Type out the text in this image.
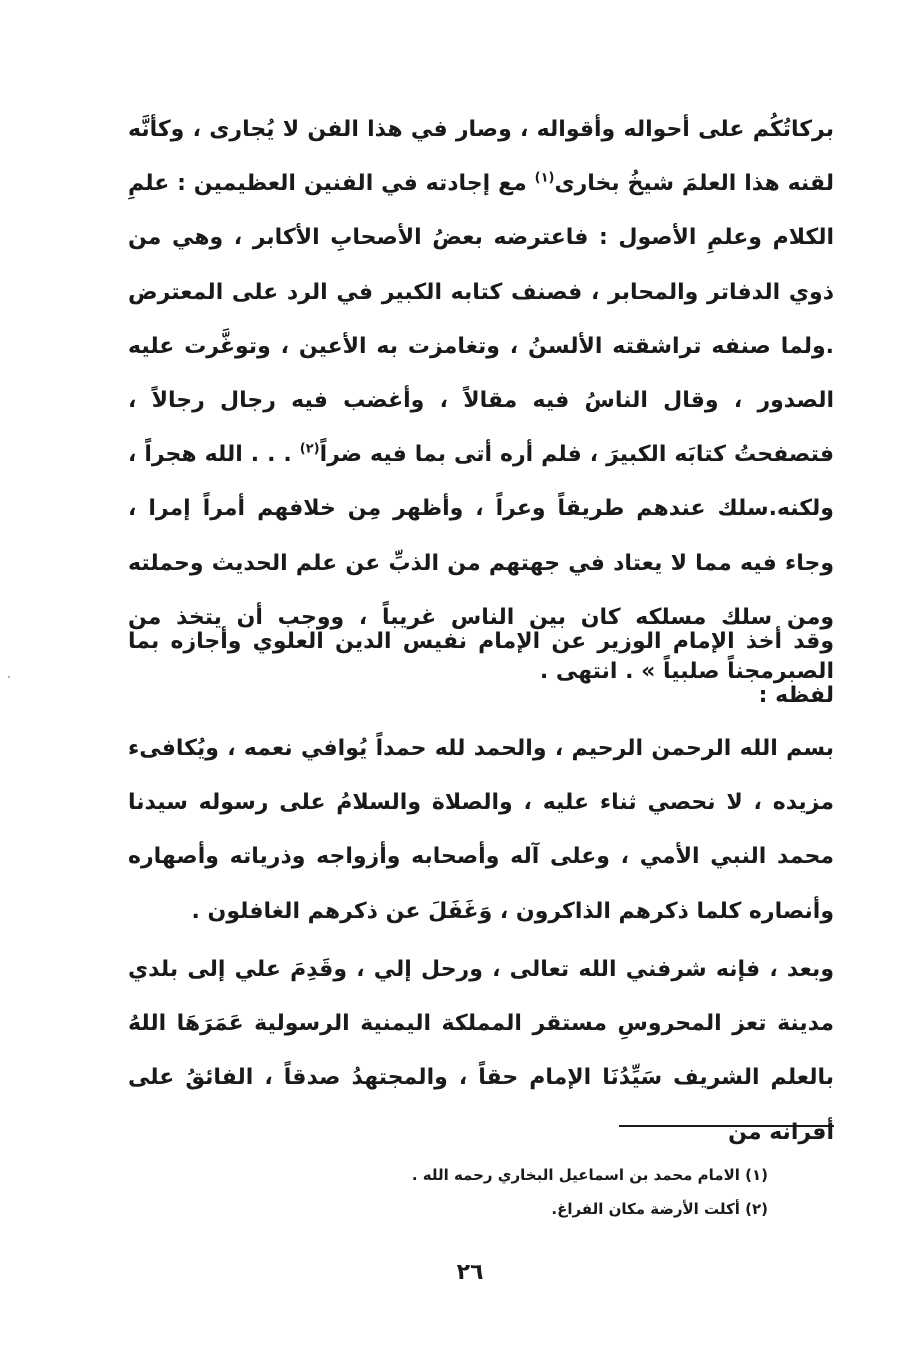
بركاتُكُم على أحواله وأقواله ، وصار في هذا الفن لا يُجارى ، وكأنَّه لقنه هذا العلمَ شيخُ بخارى$^{(١)}$ مع إجادته في الفنين العظيمين : علمِ الكلام وعلمِ الأصول : فاعترضه بعضُ الأصحابِ الأكابر ، وهي من ذوي الدفاتر والمحابر ، فصنف كتابه الكبير في الرد على المعترض .ولما صنفه تراشقته الألسنُ ، وتغامزت به الأعين ، وتوغَّرت عليه الصدور ، وقال الناسُ فيه مقالاً ، وأغضب فيه رجال رجالاً ، فتصفحتُ كتابَه الكبيرَ ، فلم أره أتى بما فيه ضراً$^{(٢)}$ . . . الله هجراً ، ولكنه.سلك عندهم طريقاً وعراً ، وأظهر مِن خلافهم أمراً إمرا ، وجاء فيه مما لا يعتاد في جهتهم من الذبِّ عن علم الحديث وحملته ومن سلك مسلكه كان بين الناس غريباً ، ووجب أن يتخذ من الصبرمجناً صلبياً » . انتهى .

وقد أخذ الإمام الوزير عن الإمام نفيس الدين العلوي وأجازه بما لفظه :

بسم الله الرحمن الرحيم ، والحمد لله حمداً يُوافي نعمه ، ويُكافىء مزيده ، لا نحصي ثناء عليه ، والصلاة والسلامُ على رسوله سيدنا محمد النبي الأمي ، وعلى آله وأصحابه وأزواجه وذرياته وأصهاره وأنصاره كلما ذكرهم الذاكرون ، وَغَفَلَ عن ذكرهم الغافلون .

وبعد ، فإنه شرفني الله تعالى ، ورحل إلي ، وقَدِمَ علي إلى بلدي مدينة تعز المحروسِ مستقر المملكة اليمنية الرسولية عَمَرَهَا اللهُ بالعلم الشريف سَيِّدُنَا الإمام حقاً ، والمجتهدُ صدقاً ، الفائقُ على أقرانه من

(١) الامام محمد بن اسماعيل البخاري رحمه الله .

(٢) أكلت الأرضة مكان الفراغ.

٢٦
